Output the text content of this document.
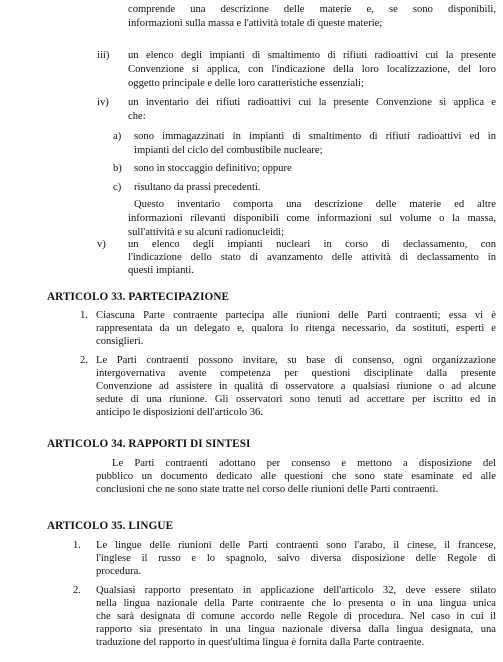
comprende una descrizione delle materie e, se sono disponibili,
informazioni sulla massa e l'attività totale di queste materie;
iii) un elenco degli impianti di smaltimento di rifiuti radioattivi cui la presente
Convenzione si applica, con l'indicazione della loro localizzazione, del loro
oggetto principale e delle loro caratteristiche essenziali;
iv) un inventario dei rifiuti radioattivi cui la presente Convenzione si applica e
che:
a) sono immagazzinati in impianti di smaltimento di rifiuti radioattivi ed in
impianti del ciclo del combustibile nucleare;
b) sono in stoccaggio definitivo; oppure
c) risultano da prassi precedenti.
Questo inventario comporta una descrizione delle materie ed altre
informazioni rilevanti disponibili come informazioni sul volume o la massa,
sull'attività e su alcuni radionucleidi;
v) un elenco degli impianti nucleari in corso di declassamento, con
l'indicazione dello stato di avanzamento delle attività di declassamento in
questi impianti.
ARTICOLO 33. PARTECIPAZIONE
1. Ciascuna Parte contraente partecipa alle riunioni delle Parti contraenti; essa vi è
rappresentata da un delegato e, qualora lo ritenga necessario, da sostituti, esperti e
consiglieri.
2. Le Parti contraenti possono invitare, su base di consenso, ogni organizzazione
intergovernativa avente competenza per questioni disciplinate dalla presente
Convenzione ad assistere in qualità di osservatore a qualsiasi riunione o ad alcune
sedute di una riunione. Gli osservatori sono tenuti ad accettare per iscritto ed in
anticipo le disposizioni dell'articolo 36.
ARTICOLO 34. RAPPORTI DI SINTESI
Le Parti contraenti adottano per consenso e mettono a disposizione del
pubblico un documento dedicato alle questioni che sono state esaminate ed alle
conclusioni che ne sono state tratte nel corso delle riunioni delle Parti contraenti.
ARTICOLO 35. LINGUE
1. Le lingue delle riunioni delle Parti contraenti sono l'arabo, il cinese, il francese,
l'inglese il russo e lo spagnolo, salvo diversa disposizione delle Regole di
procedura.
2. Qualsiasi rapporto presentato in applicazione dell'articolo 32, deve essere stilato
nella lingua nazionale della Parte contraente che lo presenta o in una lingua unica
che sarà designata di comune accordo nelle Regole di procedura. Nel caso in cui il
rapporto sia presentato in una lingua nazionale diversa dalla lingua designata, una
traduzione del rapporto in quest'ultima lingua è fornita dalla Parte contraente.
